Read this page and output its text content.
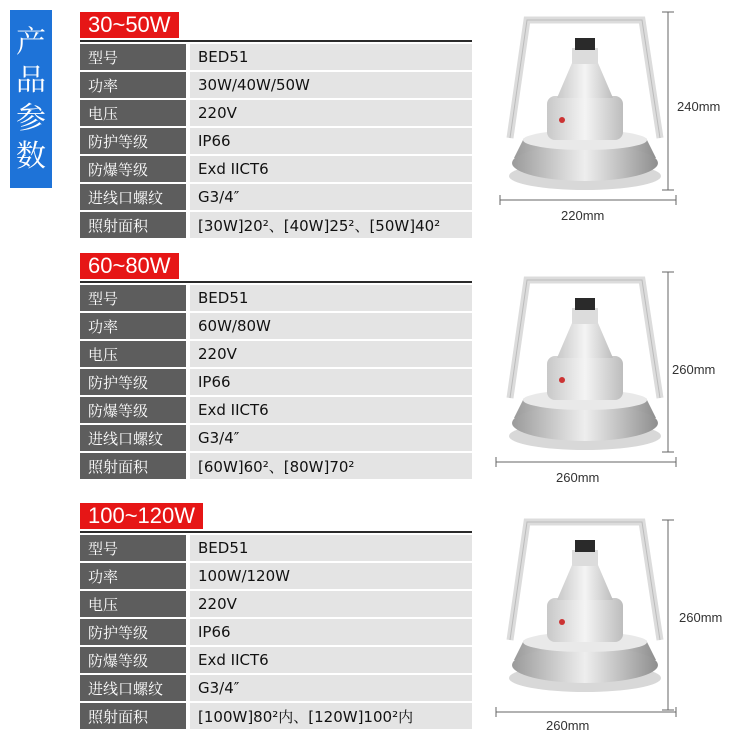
产
品
参
数
30~50W

型号	BED51
功率	30W/40W/50W
电压	220V
防护等级	IP66
防爆等级	Exd IICT6
进线口螺纹	G3/4″
照射面积	[30W]20²、[40W]25²、[50W]40²
60~80W

型号	BED51
功率	60W/80W
电压	220V
防护等级	IP66
防爆等级	Exd IICT6
进线口螺纹	G3/4″
照射面积	[60W]60²、[80W]70²
100~120W

型号	BED51
功率	100W/120W
电压	220V
防护等级	IP66
防爆等级	Exd IICT6
进线口螺纹	G3/4″
照射面积	[100W]80²内、[120W]100²内
240mm
220mm
260mm
260mm
260mm
260mm
